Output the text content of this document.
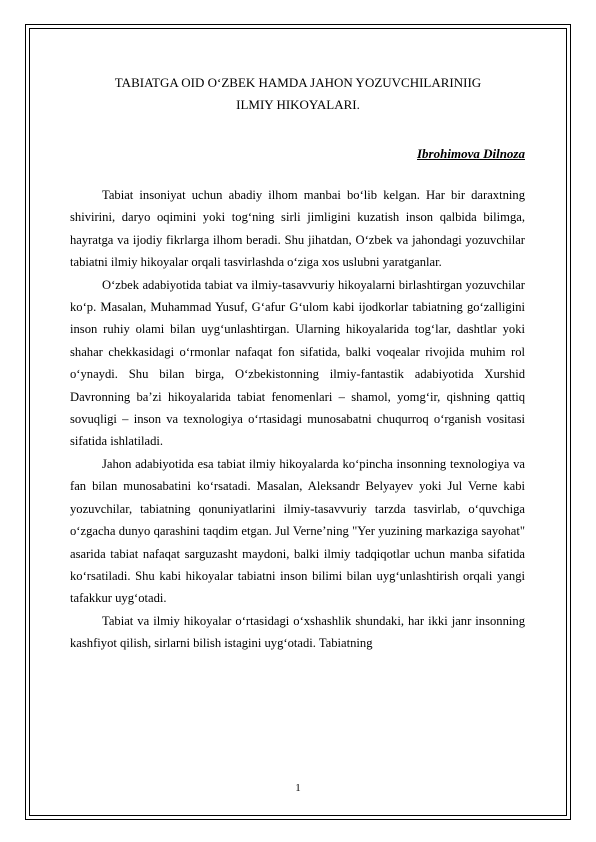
TABIATGA OID O‘ZBEK HAMDA JAHON YOZUVCHILARINIIG
ILMIY HIKOYALARI.
Ibrohimova Dilnoza

Tabiat insoniyat uchun abadiy ilhom manbai bo‘lib kelgan. Har bir daraxtning shivirini, daryo oqimini yoki tog‘ning sirli jimligini kuzatish inson qalbida bilimga, hayratga va ijodiy fikrlarga ilhom beradi. Shu jihatdan, O‘zbek va jahondagi yozuvchilar tabiatni ilmiy hikoyalar orqali tasvirlashda o‘ziga xos uslubni yaratganlar.

O‘zbek adabiyotida tabiat va ilmiy-tasavvuriy hikoyalarni birlashtirgan yozuvchilar ko‘p. Masalan, Muhammad Yusuf, G‘afur G‘ulom kabi ijodkorlar tabiatning go‘zalligini inson ruhiy olami bilan uyg‘unlashtirgan. Ularning hikoyalarida tog‘lar, dashtlar yoki shahar chekkasidagi o‘rmonlar nafaqat fon sifatida, balki voqealar rivojida muhim rol o‘ynaydi. Shu bilan birga, O‘zbekistonning ilmiy-fantastik adabiyotida Xurshid Davronning ba’zi hikoyalarida tabiat fenomenlari – shamol, yomg‘ir, qishning qattiq sovuqligi – inson va texnologiya o‘rtasidagi munosabatni chuqurroq o‘rganish vositasi sifatida ishlatiladi.

Jahon adabiyotida esa tabiat ilmiy hikoyalarda ko‘pincha insonning texnologiya va fan bilan munosabatini ko‘rsatadi. Masalan, Aleksandr Belyayev yoki Jul Verne kabi yozuvchilar, tabiatning qonuniyatlarini ilmiy-tasavvuriy tarzda tasvirlab, o‘quvchiga o‘zgacha dunyo qarashini taqdim etgan. Jul Verne’ning "Yer yuzining markaziga sayohat" asarida tabiat nafaqat sarguzasht maydoni, balki ilmiy tadqiqotlar uchun manba sifatida ko‘rsatiladi. Shu kabi hikoyalar tabiatni inson bilimi bilan uyg‘unlashtirish orqali yangi tafakkur uyg‘otadi.

Tabiat va ilmiy hikoyalar o‘rtasidagi o‘xshashlik shundaki, har ikki janr insonning kashfiyot qilish, sirlarni bilish istagini uyg‘otadi. Tabiatning

1
